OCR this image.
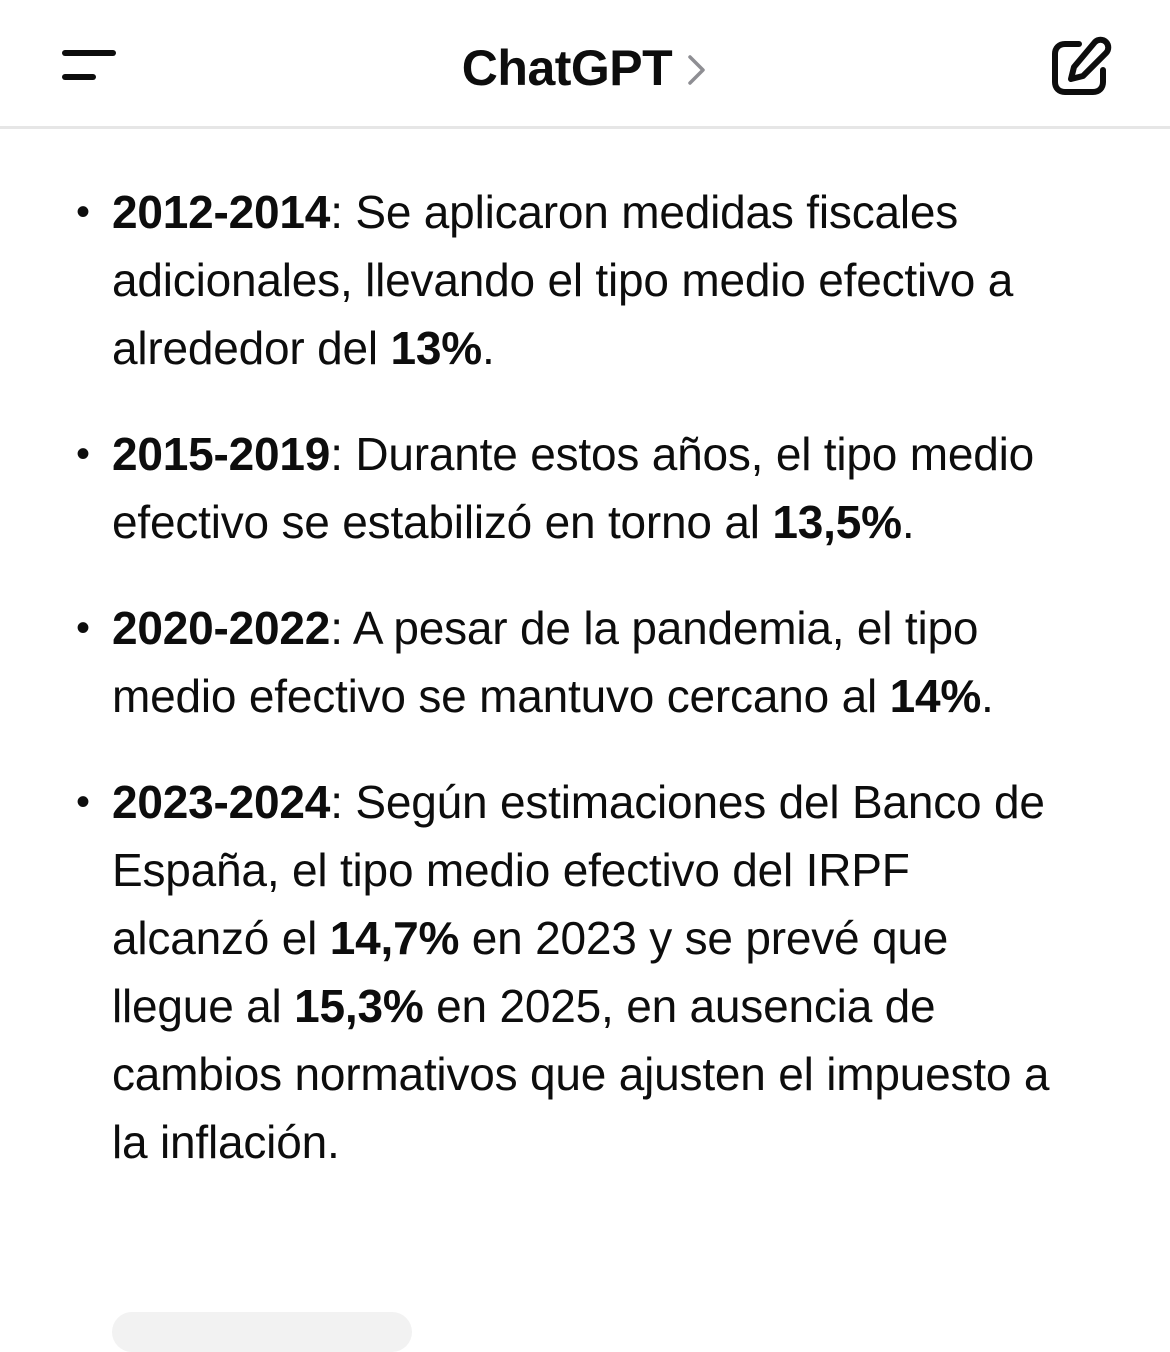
ChatGPT
• 2012-2014: Se aplicaron medidas fiscales adicionales, llevando el tipo medio efectivo a alrededor del 13%.
• 2015-2019: Durante estos años, el tipo medio efectivo se estabilizó en torno al 13,5%.
• 2020-2022: A pesar de la pandemia, el tipo medio efectivo se mantuvo cercano al 14%.
• 2023-2024: Según estimaciones del Banco de España, el tipo medio efectivo del IRPF alcanzó el 14,7% en 2023 y se prevé que llegue al 15,3% en 2025, en ausencia de cambios normativos que ajusten el impuesto a la inflación.
